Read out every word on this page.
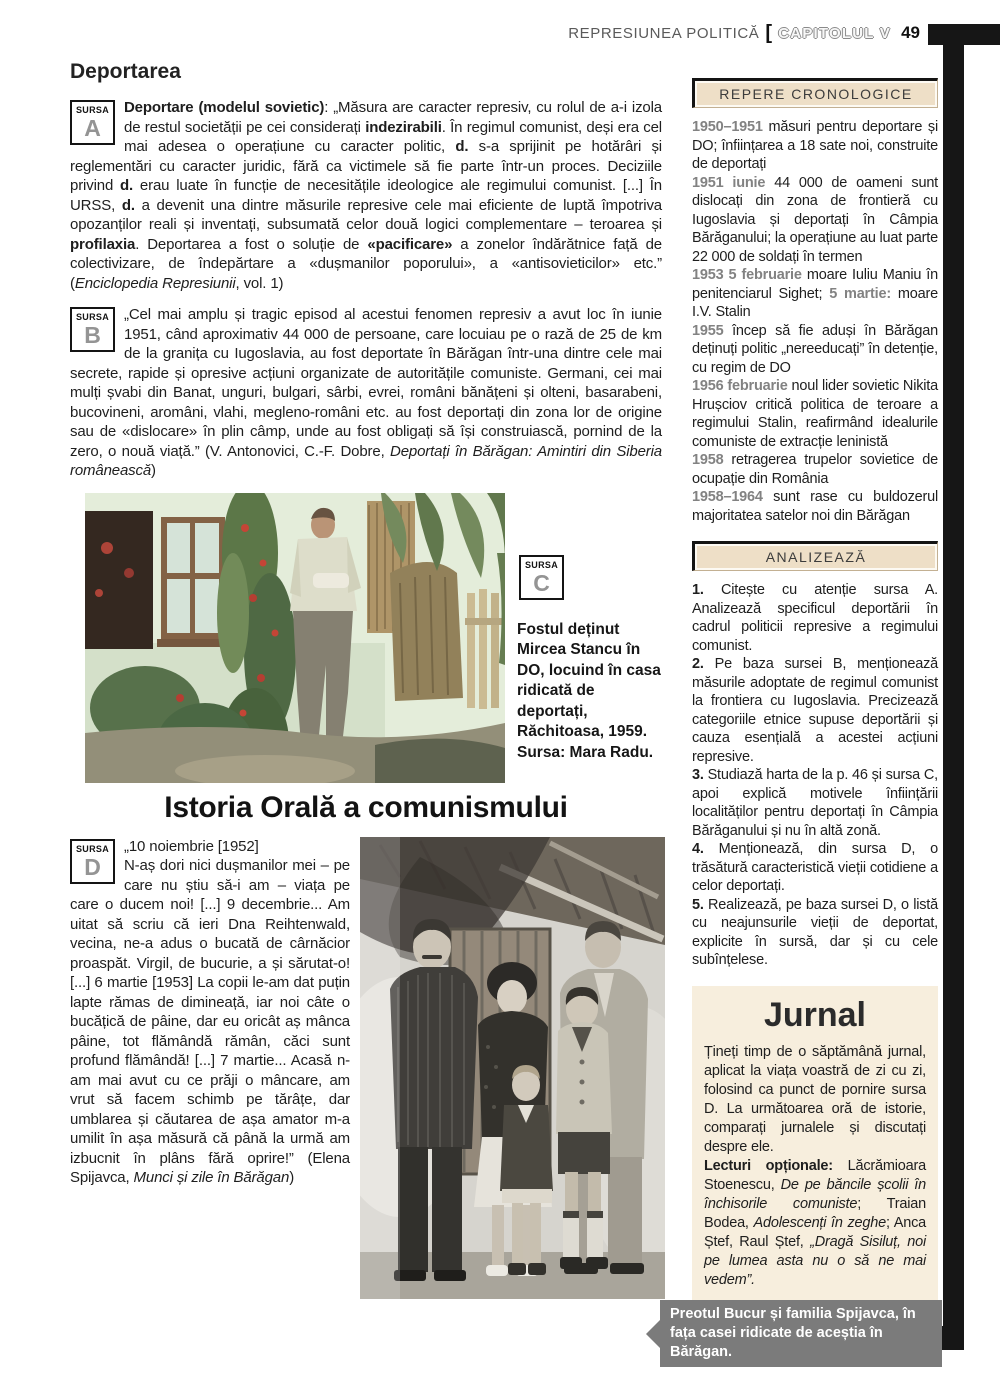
REPRESIUNEA POLITICĂ [ CAPITOLUL V 49
Deportarea

SURSA
A
Deportare (modelul sovietic): „Măsura are caracter represiv, cu rolul de a-i izola de restul societății pe cei considerați indezirabili. În regimul comunist, deși era cel mai adesea o operațiune cu caracter politic, d. s-a sprijinit pe hotărâri și reglementări cu caracter juridic, fără ca victimele să fie parte într-un proces. Deciziile privind d. erau luate în funcție de necesitățile ideologice ale regimului comunist. [...] În URSS, d. a devenit una dintre măsurile represive cele mai eficiente de luptă împotriva opozanților reali și inventați, subsumată celor două logici complementare – teroarea și profilaxia. Deportarea a fost o soluție de «pacificare» a zonelor îndărătnice față de colectivizare, de îndepărtare a «dușmanilor poporului», a «antisovieticilor» etc.” (Enciclopedia Represiunii, vol. 1)

SURSA
B
„Cel mai amplu și tragic episod al acestui fenomen represiv a avut loc în iunie 1951, când aproximativ 44 000 de persoane, care locuiau pe o rază de 25 de km de la granița cu Iugoslavia, au fost deportate în Bărăgan într-una dintre cele mai secrete, rapide și opresive acțiuni organizate de autoritățile comuniste. Germani, cei mai mulți șvabi din Banat, unguri, bulgari, sârbi, evrei, români bănățeni și olteni, basarabeni, bucovineni, aromâni, vlahi, megleno-români etc. au fost deportați din zona lor de origine sau de «dislocare» în plin câmp, unde au fost obligați să își construiască, pornind de la zero, o nouă viață.” (V. Antonovici, C.-F. Dobre, Deportați în Bărăgan: Amintiri din Siberia românească)

SURSA
C

Fostul deținut Mircea Stancu în DO, locuind în casa ridicată de deportați, Răchitoasa, 1959. Sursa: Mara Radu.

Istoria Orală a comunismului
SURSA
D
„10 noiembrie [1952]
N-aș dori nici dușmanilor mei – pe care nu știu să-i am – viața pe care o ducem noi! [...] 9 decembrie... Am uitat să scriu că ieri Dna Reihtenwald, vecina, ne-a adus o bucată de cârnăcior proaspăt. Virgil, de bucurie, a și sărutat-o! [...] 6 martie [1953] La copii le-am dat puțin lapte rămas de dimineață, iar noi câte o bucățică de pâine, dar eu oricât aș mânca pâine, tot flămândă rămân, căci sunt profund flămândă! [...] 7 martie... Acasă n-am mai avut cu ce prăji o mâncare, am vrut să facem schimb pe tărâțe, dar umblarea și căutarea de așa amator m-a umilit în așa măsură că până la urmă am izbucnit în plâns fără oprire!” (Elena Spijavca, Munci și zile în Bărăgan)
REPERE CRONOLOGICE

1950–1951 măsuri pentru deportare și DO; înființarea a 18 sate noi, construite de deportați

1951 iunie 44 000 de oameni sunt dislocați din zona de frontieră cu Iugoslavia și deportați în Câmpia Bărăganului; la operațiune au luat parte 22 000 de soldați în termen

1953 5 februarie moare Iuliu Maniu în penitenciarul Sighet; 5 martie: moare I.V. Stalin

1955 încep să fie aduși în Bărăgan deținuți politic „nereeducați” în detenție, cu regim de DO

1956 februarie noul lider sovietic Nikita Hrușciov critică politica de teroare a regimului Stalin, reafirmând idealurile comuniste de extracție leninistă

1958 retragerea trupelor sovietice de ocupație din România

1958–1964 sunt rase cu buldozerul majoritatea satelor noi din Bărăgan

ANALIZEAZĂ

1. Citește cu atenție sursa A. Analizează specificul deportării în cadrul politicii represive a regimului comunist.

2. Pe baza sursei B, menționează măsurile adoptate de regimul comunist la frontiera cu Iugoslavia. Precizează categoriile etnice supuse deportării și cauza esențială a acestei acțiuni represive.

3. Studiază harta de la p. 46 și sursa C, apoi explică motivele înființării localităților pentru deportați în Câmpia Bărăganului și nu în altă zonă.

4. Menționează, din sursa D, o trăsătură caracteristică vieții cotidiene a celor deportați.

5. Realizează, pe baza sursei D, o listă cu neajunsurile vieții de deportat, explicite în sursă, dar și cu cele subînțelese.

Jurnal

Țineți timp de o săptămână jurnal, aplicat la viața voastră de zi cu zi, folosind ca punct de pornire sursa D. La următoarea oră de istorie, comparați jurnalele și discutați despre ele.

Lecturi opționale: Lăcrămioara Stoenescu, De pe băncile școlii în închisorile comuniste; Traian Bodea, Adolescenți în zeghe; Anca Ștef, Raul Ștef, „Dragă Sisiluț, noi pe lumea asta nu o să ne mai vedem”.

Preotul Bucur și familia Spijavca, în fața casei ridicate de aceștia în Bărăgan.
